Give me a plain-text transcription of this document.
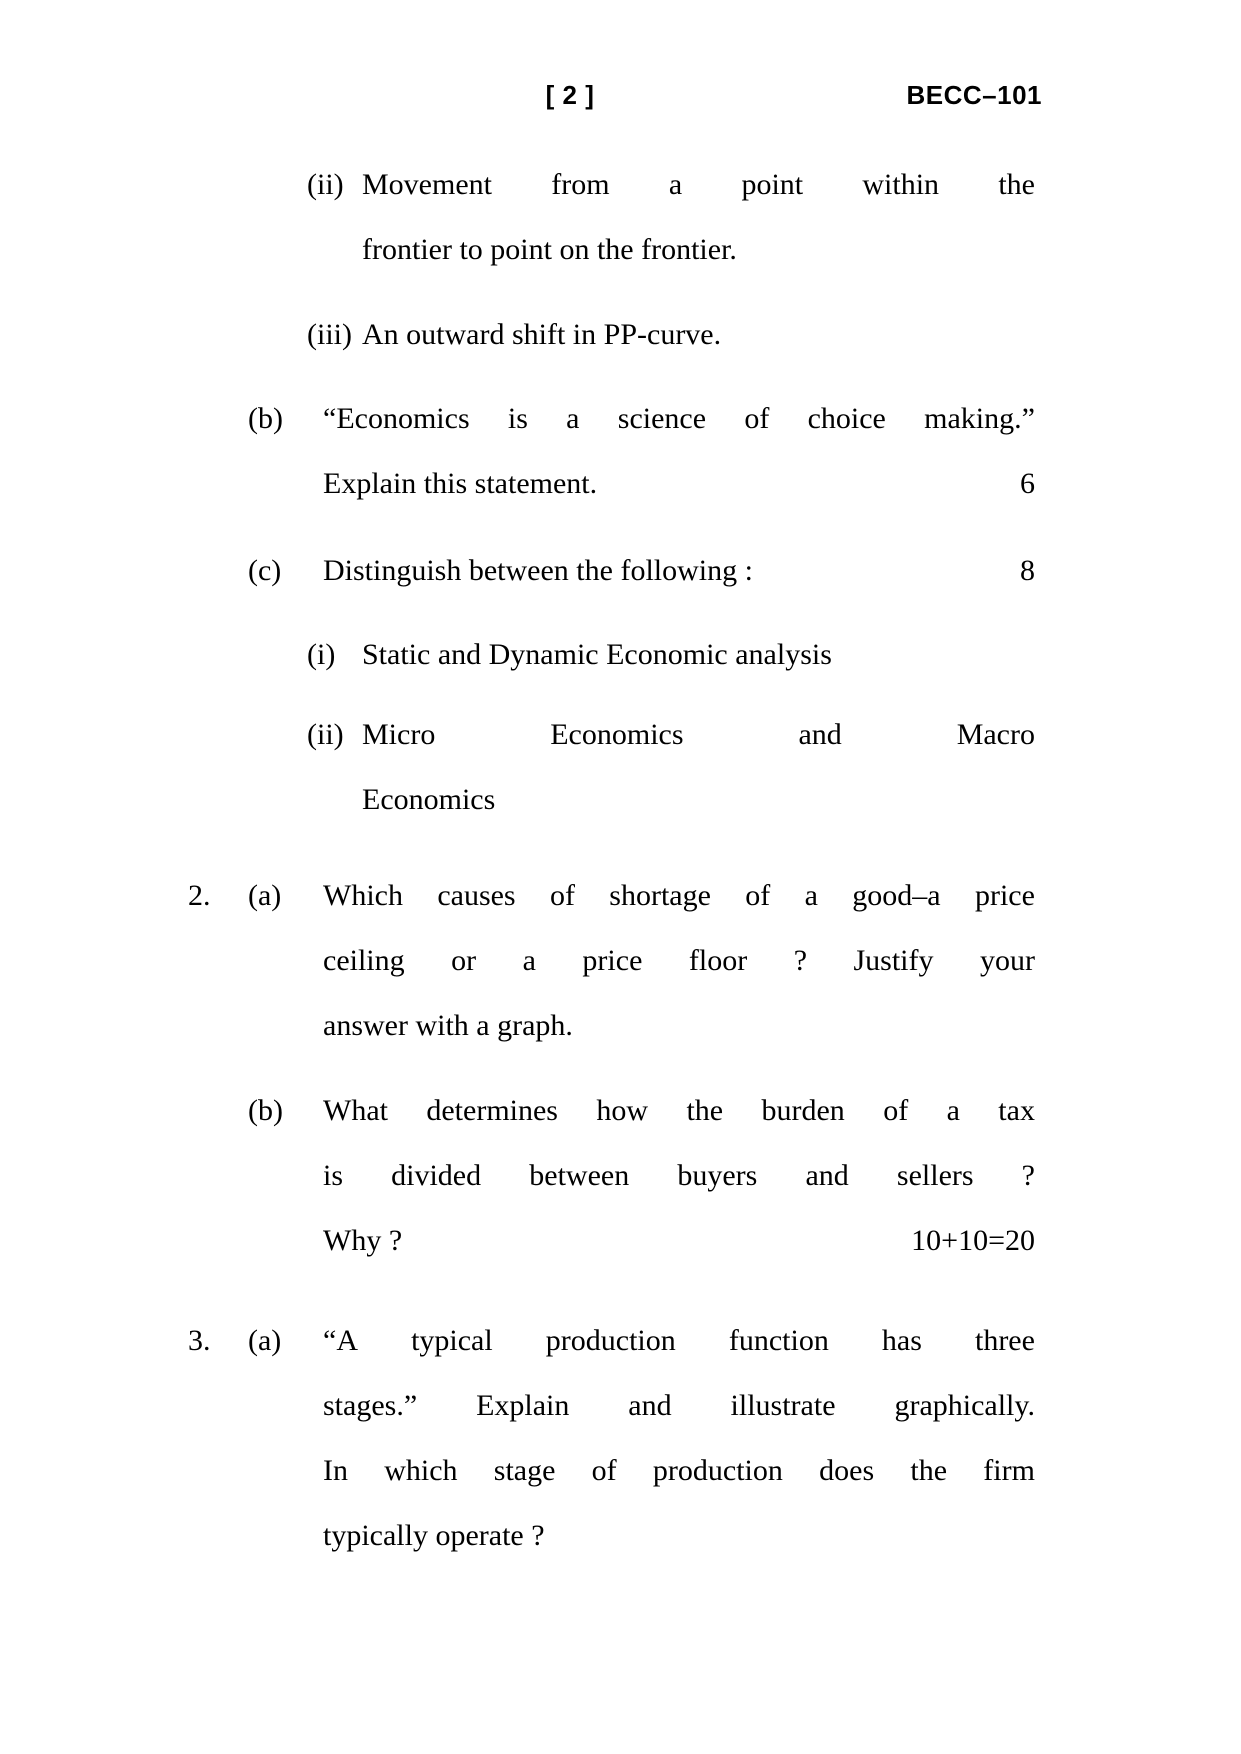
[ 2 ]	BECC–101
(ii) Movement from a point within the
frontier to point on the frontier.
(iii) An outward shift in PP-curve.
(b) “Economics is a science of choice making.”
Explain this statement.	6
(c) Distinguish between the following :	8
(i) Static and Dynamic Economic analysis
(ii) Micro	Economics	and	Macro
Economics
2. (a) Which causes of shortage of a good–a price
ceiling or a price floor ? Justify your
answer with a graph.
(b) What determines how the burden of a tax
is divided between buyers and sellers ?
Why ?	10+10=20
3. (a) “A typical production function has three
stages.” Explain and illustrate graphically.
In which stage of production does the firm
typically operate ?
